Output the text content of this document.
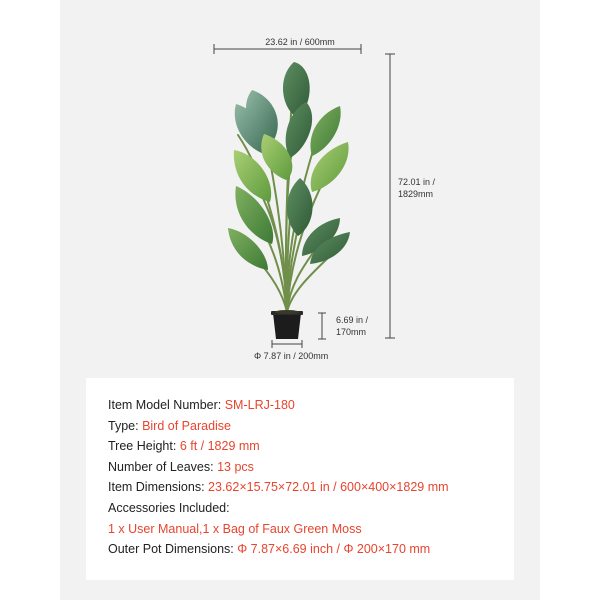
23.62 in / 600mm
72.01 in /
1829mm
6.69 in /
170mm
Φ 7.87 in / 200mm
Item Model Number: SM-LRJ-180
Type: Bird of Paradise
Tree Height: 6 ft / 1829 mm
Number of Leaves: 13 pcs
Item Dimensions: 23.62×15.75×72.01 in / 600×400×1829 mm
Accessories Included:
1 x User Manual,1 x Bag of Faux Green Moss
Outer Pot Dimensions: Φ 7.87×6.69 inch / Φ 200×170 mm
